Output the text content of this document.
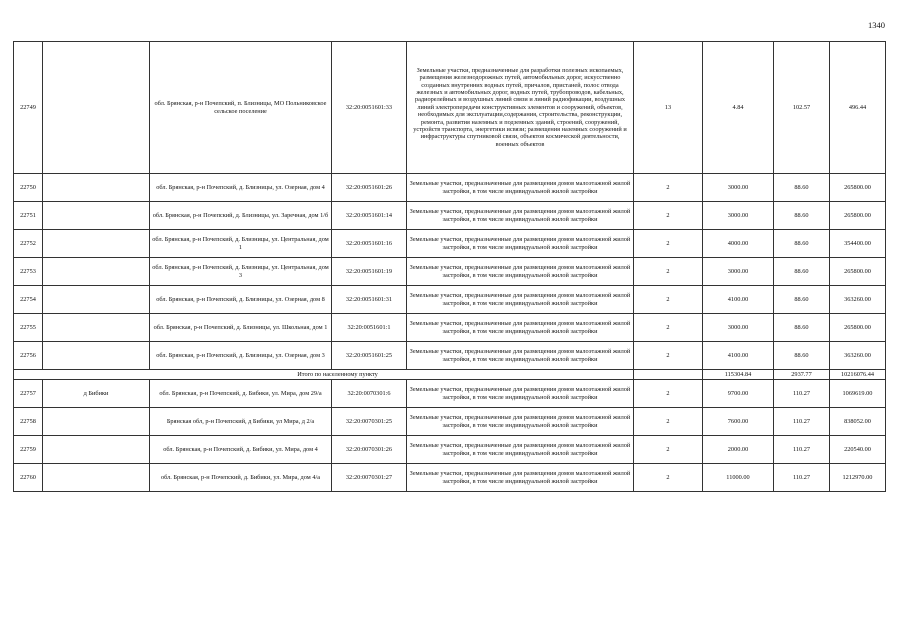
1340
22749		обл. Брянская, р-н Почепский, п. Близницы, МО Польниковское сельское поселение	32:20:0051601:33	Земельные участки, предназначенные для разработки полезных ископаемых, размещения железнодорожных путей, автомобильных дорог, искусственно созданных внутренних водных путей, причалов, пристаней, полос отвода железных и автомобильных дорог, водных путей, трубопроводов, кабельных, радиорелейных и воздушных линий связи и линий радиофикации, воздушных линий электропередачи конструктивных элементов и сооружений, объектов, необходимых для эксплуатации,содержания, строительства, реконструкции, ремонта, развития наземных и подземных зданий, строений, сооружений, устройств транспорта, энергетики исвязи; размещения наземных сооружений и инфраструктуры спутниковой связи, объектов космической деятельности, военных объектов	13	4.84	102.57	496.44
22750		обл. Брянская, р-н Почепский, д. Близницы, ул. Озерная, дом 4	32:20:0051601:26	Земельные участки, предназначенные для размещения домов малоэтажной жилой застройки, в том числе индивидуальной жилой застройки	2	3000.00	88.60	265800.00
22751		обл. Брянская, р-н Почепский, д. Близницы, ул. Заречная, дом 1/б	32:20:0051601:14	Земельные участки, предназначенные для размещения домов малоэтажной жилой застройки, в том числе индивидуальной жилой застройки	2	3000.00	88.60	265800.00
22752		обл. Брянская, р-н Почепский, д. Близницы, ул. Центральная, дом 1	32:20:0051601:16	Земельные участки, предназначенные для размещения домов малоэтажной жилой застройки, в том числе индивидуальной жилой застройки	2	4000.00	88.60	354400.00
22753		обл. Брянская, р-н Почепский, д. Близницы, ул. Центральная, дом 3	32:20:0051601:19	Земельные участки, предназначенные для размещения домов малоэтажной жилой застройки, в том числе индивидуальной жилой застройки	2	3000.00	88.60	265800.00
22754		обл. Брянская, р-н Почепский, д. Близницы, ул. Озерная, дом 8	32:20:0051601:31	Земельные участки, предназначенные для размещения домов малоэтажной жилой застройки, в том числе индивидуальной жилой застройки	2	4100.00	88.60	363260.00
22755		обл. Брянская, р-н Почепский, д. Близницы, ул. Школьная, дом 1	32:20:0051601:1	Земельные участки, предназначенные для размещения домов малоэтажной жилой застройки, в том числе индивидуальной жилой застройки	2	3000.00	88.60	265800.00
22756		обл. Брянская, р-н Почепский, д. Близницы, ул. Озерная, дом 3	32:20:0051601:25	Земельные участки, предназначенные для размещения домов малоэтажной жилой застройки, в том числе индивидуальной жилой застройки	2	4100.00	88.60	363260.00
Итого по населенному пункту						115304.84	2937.77	10216076.44
22757	д Бибики	обл. Брянская, р-н Почепский, д. Бибики, ул. Мира, дом 29/а	32:20:0070301:6	Земельные участки, предназначенные для размещения домов малоэтажной жилой застройки, в том числе индивидуальной жилой застройки	2	9700.00	110.27	1069619.00
22758		Брянская обл, р-н Почепский, д Бибики, ул Мира, д 2/а	32:20:0070301:25	Земельные участки, предназначенные для размещения домов малоэтажной жилой застройки, в том числе индивидуальной жилой застройки	2	7600.00	110.27	838052.00
22759		обл. Брянская, р-н Почепский, д. Бибики, ул. Мира, дом 4	32:20:0070301:26	Земельные участки, предназначенные для размещения домов малоэтажной жилой застройки, в том числе индивидуальной жилой застройки	2	2000.00	110.27	220540.00
22760		обл. Брянская, р-н Почепский, д. Бибики, ул. Мира, дом 4/а	32:20:0070301:27	Земельные участки, предназначенные для размещения домов малоэтажной жилой застройки, в том числе индивидуальной жилой застройки	2	11000.00	110.27	1212970.00
